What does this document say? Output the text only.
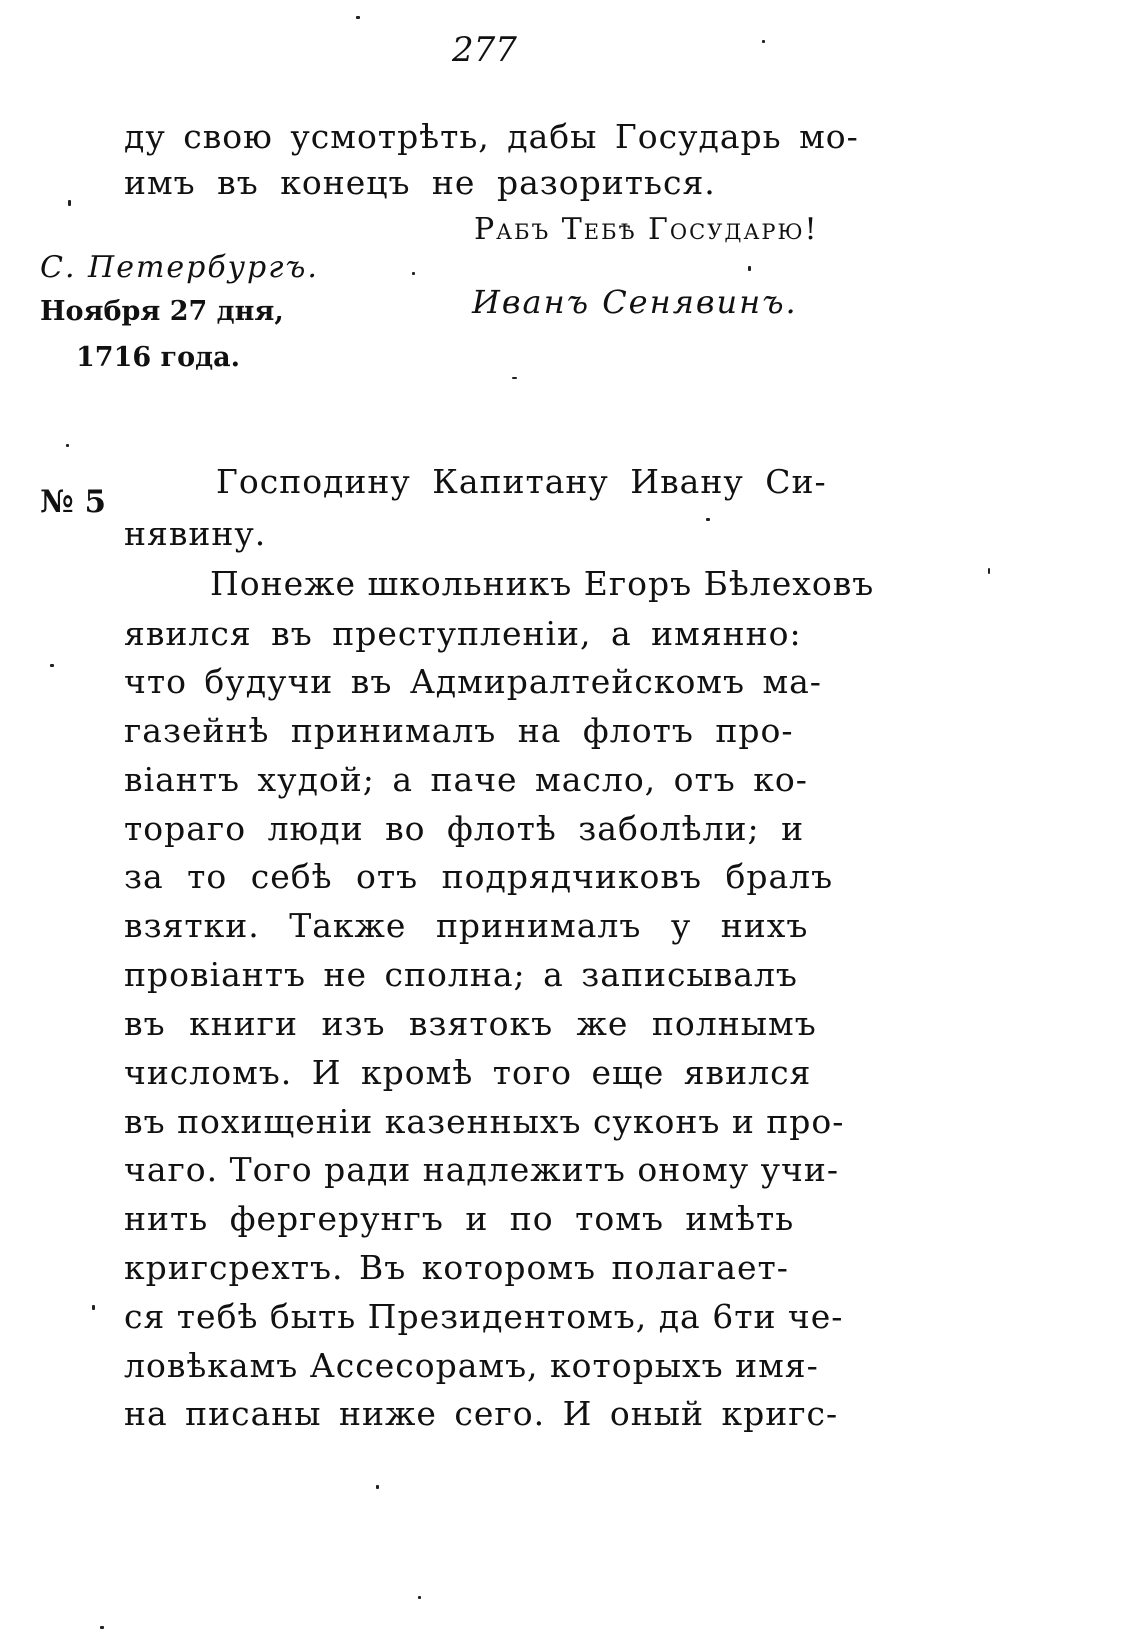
277
ду свою усмотрѣть, дабы Государь мо-
имъ въ конецъ не разориться.
Рабъ Тебѣ Государю!
Иванъ Сенявинъ.
С. Петербургъ.
Ноября 27 дня,
1716 года.
№ 5
Господину Капитану Ивану Си-
нявину.
Понеже школьникъ Егоръ Бѣлеховъ
явился въ преступленіи, а имянно:
что будучи въ Адмиралтейскомъ ма-
газейнѣ принималъ на флотъ про-
віантъ худой; а паче масло, отъ ко-
тораго люди во флотѣ заболѣли; и
за то себѣ отъ подрядчиковъ бралъ
взятки. Также принималъ у нихъ
провіантъ не сполна; а записывалъ
въ книги изъ взятокъ же полнымъ
числомъ. И кромѣ того еще явился
въ похищеніи казенныхъ суконъ и про-
чаго. Того ради надлежитъ оному учи-
нить фергерунгъ и по томъ имѣть
кригсрехтъ. Въ которомъ полагает-
ся тебѣ быть Президентомъ, да 6ти че-
ловѣкамъ Ассесорамъ, которыхъ имя-
на писаны ниже сего. И оный кригс-
